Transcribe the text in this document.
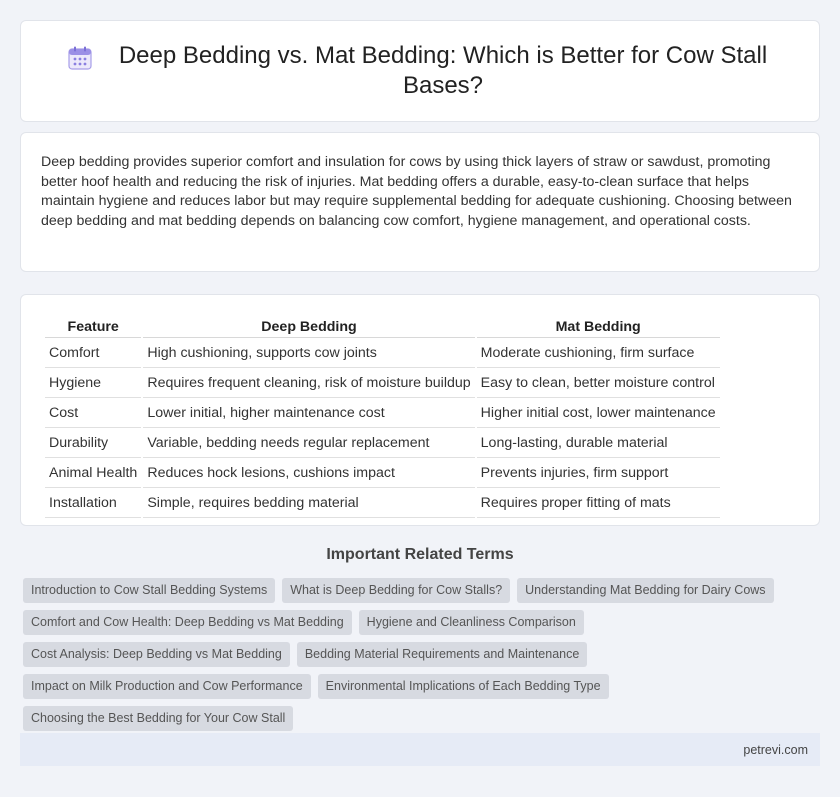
Deep Bedding vs. Mat Bedding: Which is Better for Cow Stall Bases?

Deep bedding provides superior comfort and insulation for cows by using thick layers of straw or sawdust, promoting better hoof health and reducing the risk of injuries. Mat bedding offers a durable, easy-to-clean surface that helps maintain hygiene and reduces labor but may require supplemental bedding for adequate cushioning. Choosing between deep bedding and mat bedding depends on balancing cow comfort, hygiene management, and operational costs.

Feature	Deep Bedding	Mat Bedding
Comfort	High cushioning, supports cow joints	Moderate cushioning, firm surface
Hygiene	Requires frequent cleaning, risk of moisture buildup	Easy to clean, better moisture control
Cost	Lower initial, higher maintenance cost	Higher initial cost, lower maintenance
Durability	Variable, bedding needs regular replacement	Long-lasting, durable material
Animal Health	Reduces hock lesions, cushions impact	Prevents injuries, firm support
Installation	Simple, requires bedding material	Requires proper fitting of mats
Important Related Terms
Introduction to Cow Stall Bedding Systems	What is Deep Bedding for Cow Stalls?	Understanding Mat Bedding for Dairy Cows
Comfort and Cow Health: Deep Bedding vs Mat Bedding	Hygiene and Cleanliness Comparison
Cost Analysis: Deep Bedding vs Mat Bedding	Bedding Material Requirements and Maintenance
Impact on Milk Production and Cow Performance	Environmental Implications of Each Bedding Type
Choosing the Best Bedding for Your Cow Stall
petrevi.com
